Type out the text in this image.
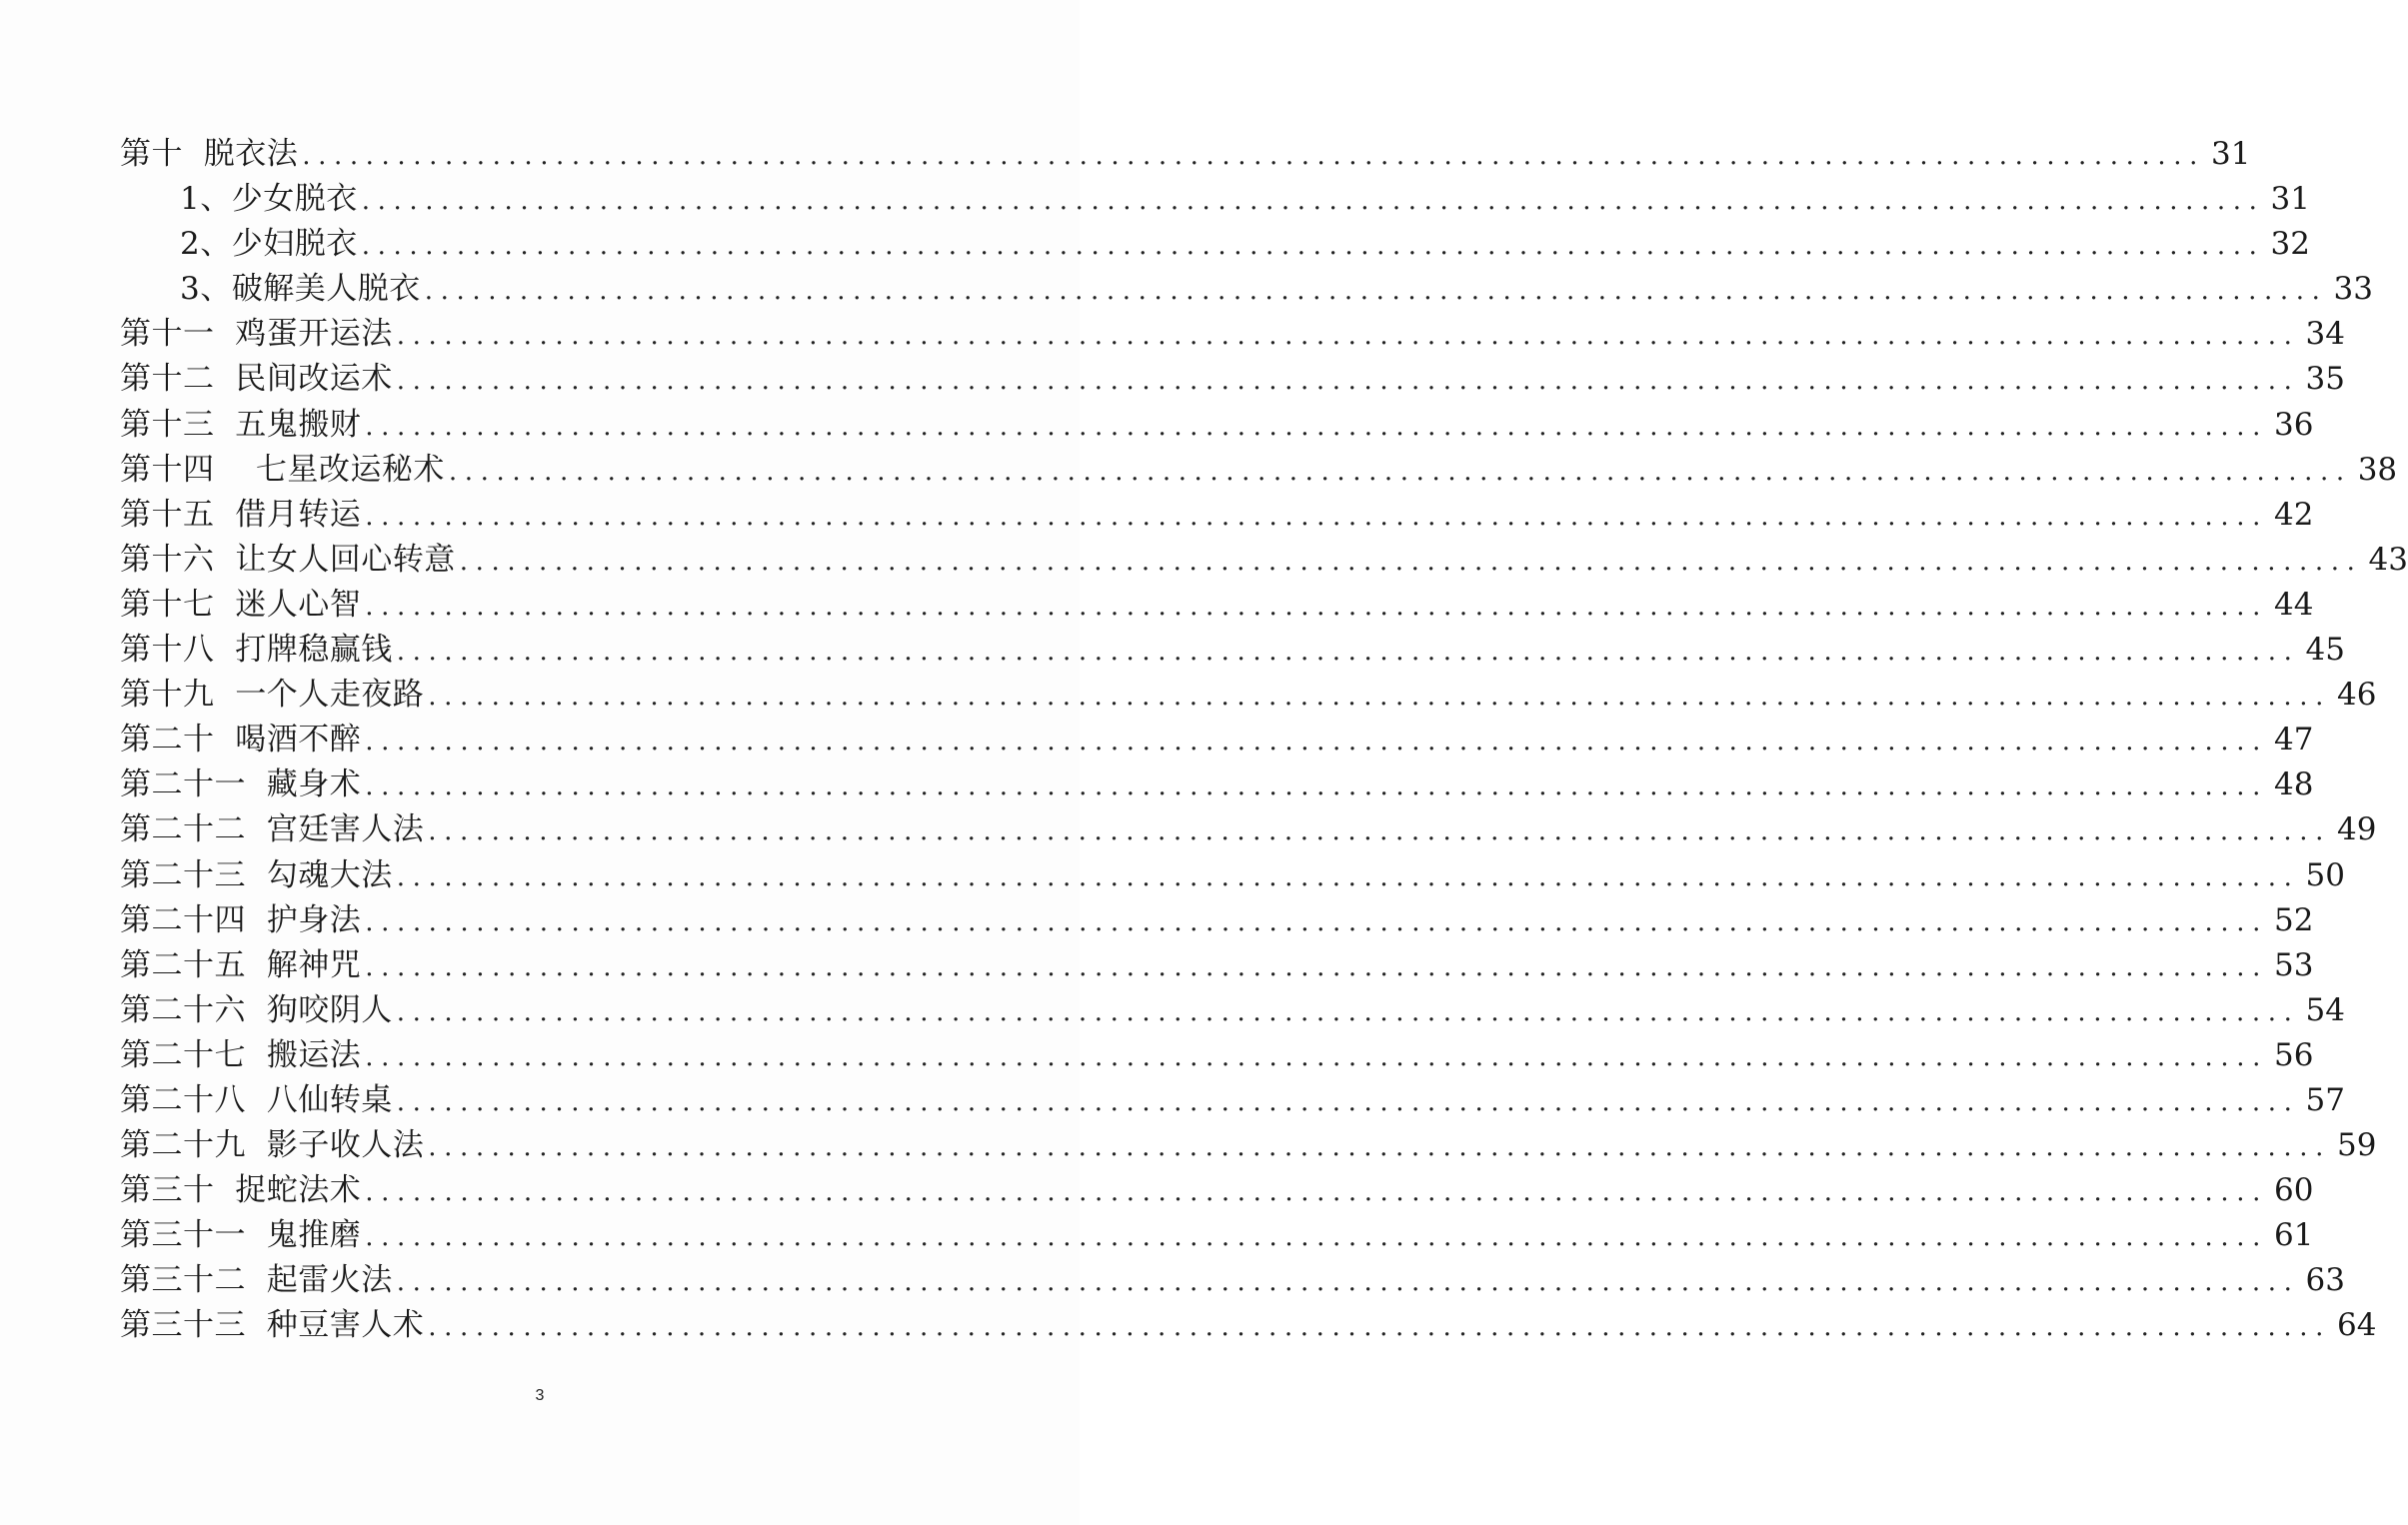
第十  脱衣法 ........................................................................................................................ 31
1、少女脱衣 ........................................................................................................................ 31
2、少妇脱衣 ........................................................................................................................ 32
3、破解美人脱衣 ........................................................................................................................ 33
第十一  鸡蛋开运法 ........................................................................................................................ 34
第十二  民间改运术 ........................................................................................................................ 35
第十三  五鬼搬财 ........................................................................................................................ 36
第十四    七星改运秘术 ........................................................................................................................ 38
第十五  借月转运 ........................................................................................................................ 42
第十六  让女人回心转意 ........................................................................................................................ 43
第十七  迷人心智 ........................................................................................................................ 44
第十八  打牌稳赢钱 ........................................................................................................................ 45
第十九  一个人走夜路 ........................................................................................................................ 46
第二十  喝酒不醉 ........................................................................................................................ 47
第二十一  藏身术 ........................................................................................................................ 48
第二十二  宫廷害人法 ........................................................................................................................ 49
第二十三  勾魂大法 ........................................................................................................................ 50
第二十四  护身法 ........................................................................................................................ 52
第二十五  解神咒 ........................................................................................................................ 53
第二十六  狗咬阴人 ........................................................................................................................ 54
第二十七  搬运法 ........................................................................................................................ 56
第二十八  八仙转桌 ........................................................................................................................ 57
第二十九  影子收人法 ........................................................................................................................ 59
第三十  捉蛇法术 ........................................................................................................................ 60
第三十一  鬼推磨 ........................................................................................................................ 61
第三十二  起雷火法 ........................................................................................................................ 63
第三十三  种豆害人术 ........................................................................................................................ 64
3
